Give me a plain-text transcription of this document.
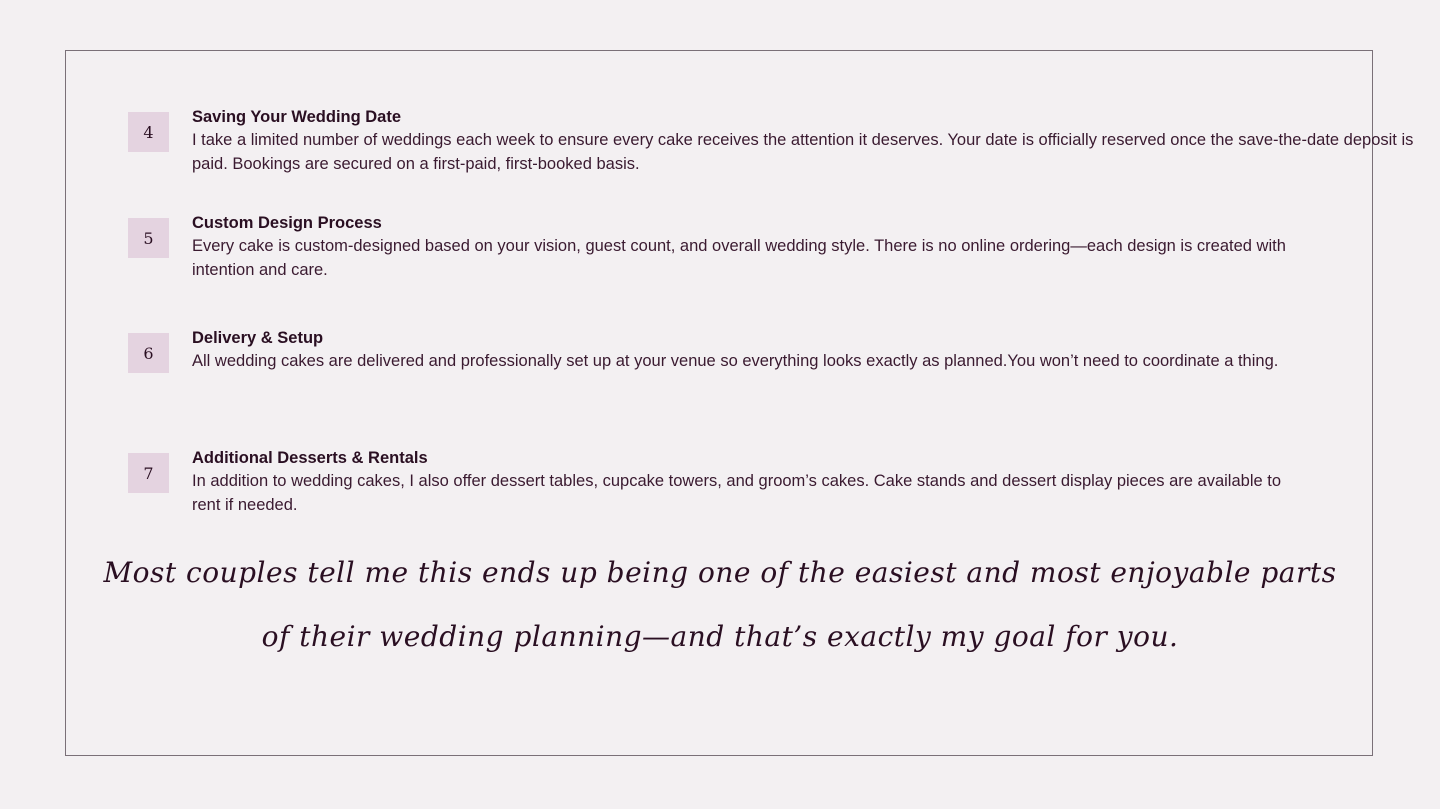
4
Saving Your Wedding Date
I take a limited number of weddings each week to ensure every cake receives the attention it deserves. Your date is officially reserved once the save-the-date deposit is paid. Bookings are secured on a first-paid, first-booked basis.
5
Custom Design Process
Every cake is custom-designed based on your vision, guest count, and overall wedding style. There is no online ordering—each design is created with intention and care.
6
Delivery & Setup
All wedding cakes are delivered and professionally set up at your venue so everything looks exactly as planned.You won’t need to coordinate a thing.
7
Additional Desserts & Rentals
In addition to wedding cakes, I also offer dessert tables, cupcake towers, and groom’s cakes. Cake stands and dessert display pieces are available to rent if needed.
Most couples tell me this ends up being one of the easiest and most enjoyable parts
of their wedding planning—and that’s exactly my goal for you.
